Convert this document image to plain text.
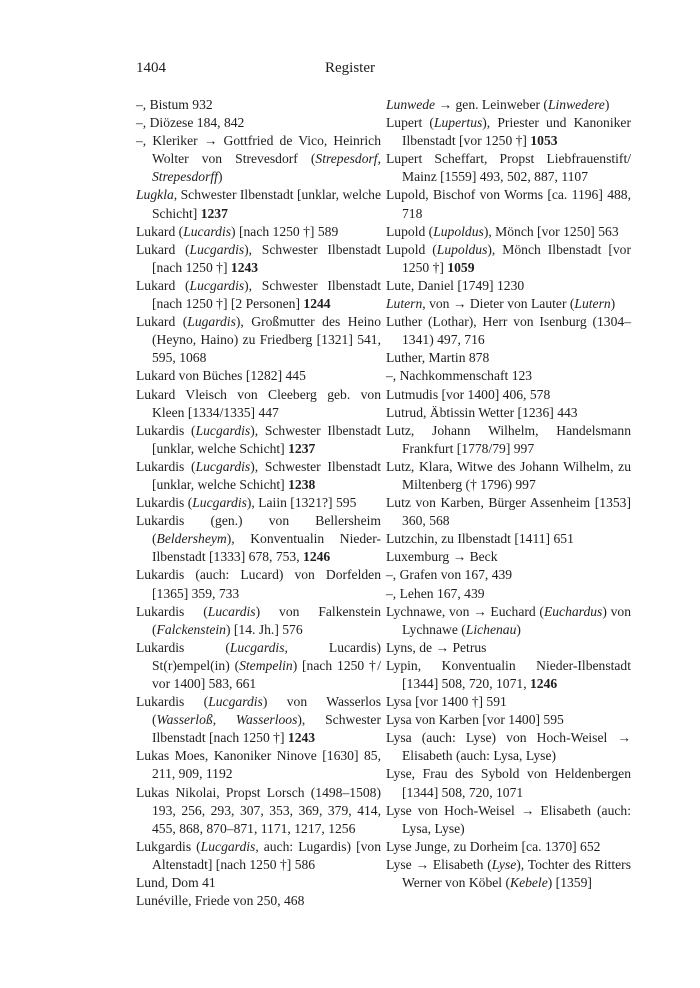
1404	Register
–, Bistum 932
–, Diözese 184, 842
–, Kleriker → Gottfried de Vico, Heinrich Wolter von Strevesdorf (Strepesdorf, Strepesdorff)
Lugkla, Schwester Ilbenstadt [unklar, welche Schicht] 1237
Lukard (Lucardis) [nach 1250 †] 589
Lukard (Lucgardis), Schwester Ilbenstadt [nach 1250 †] 1243
Lukard (Lucgardis), Schwester Ilbenstadt [nach 1250 †] [2 Personen] 1244
Lukard (Lugardis), Großmutter des Heino (Heyno, Haino) zu Friedberg [1321] 541, 595, 1068
Lukard von Büches [1282] 445
Lukard Vleisch von Cleeberg geb. von Kleen [1334/1335] 447
Lukardis (Lucgardis), Schwester Ilbenstadt [unklar, welche Schicht] 1237
Lukardis (Lucgardis), Schwester Ilbenstadt [unklar, welche Schicht] 1238
Lukardis (Lucgardis), Laiin [1321?] 595
Lukardis (gen.) von Bellersheim (Beldersheym), Konventualin Nieder-Ilbenstadt [1333] 678, 753, 1246
Lukardis (auch: Lucard) von Dorfelden [1365] 359, 733
Lukardis (Lucardis) von Falkenstein (Falckenstein) [14. Jh.] 576
Lukardis (Lucgardis, Lucardis) St(r)empel(in) (Stempelin) [nach 1250 †/ vor 1400] 583, 661
Lukardis (Lucgardis) von Wasserlos (Wasserloß, Wasserloos), Schwester Ilbenstadt [nach 1250 †] 1243
Lukas Moes, Kanoniker Ninove [1630] 85, 211, 909, 1192
Lukas Nikolai, Propst Lorsch (1498–1508) 193, 256, 293, 307, 353, 369, 379, 414, 455, 868, 870–871, 1171, 1217, 1256
Lukgardis (Lucgardis, auch: Lugardis) [von Altenstadt] [nach 1250 †] 586
Lund, Dom 41
Lunéville, Friede von 250, 468
Lunwede → gen. Leinweber (Linwedere)
Lupert (Lupertus), Priester und Kanoniker Ilbenstadt [vor 1250 †] 1053
Lupert Scheffart, Propst Liebfrauenstift/ Mainz [1559] 493, 502, 887, 1107
Lupold, Bischof von Worms [ca. 1196] 488, 718
Lupold (Lupoldus), Mönch [vor 1250] 563
Lupold (Lupoldus), Mönch Ilbenstadt [vor 1250 †] 1059
Lute, Daniel [1749] 1230
Lutern, von → Dieter von Lauter (Lutern)
Luther (Lothar), Herr von Isenburg (1304–1341) 497, 716
Luther, Martin 878
–, Nachkommenschaft 123
Lutmudis [vor 1400] 406, 578
Lutrud, Äbtissin Wetter [1236] 443
Lutz, Johann Wilhelm, Handelsmann Frankfurt [1778/79] 997
Lutz, Klara, Witwe des Johann Wilhelm, zu Miltenberg († 1796) 997
Lutz von Karben, Bürger Assenheim [1353] 360, 568
Lutzchin, zu Ilbenstadt [1411] 651
Luxemburg → Beck
–, Grafen von 167, 439
–, Lehen 167, 439
Lychnawe, von → Euchard (Euchardus) von Lychnawe (Lichenau)
Lyns, de → Petrus
Lypin, Konventualin Nieder-Ilbenstadt [1344] 508, 720, 1071, 1246
Lysa [vor 1400 †] 591
Lysa von Karben [vor 1400] 595
Lysa (auch: Lyse) von Hoch-Weisel → Elisabeth (auch: Lysa, Lyse)
Lyse, Frau des Sybold von Heldenbergen [1344] 508, 720, 1071
Lyse von Hoch-Weisel → Elisabeth (auch: Lysa, Lyse)
Lyse Junge, zu Dorheim [ca. 1370] 652
Lyse → Elisabeth (Lyse), Tochter des Ritters Werner von Köbel (Kebele) [1359]
